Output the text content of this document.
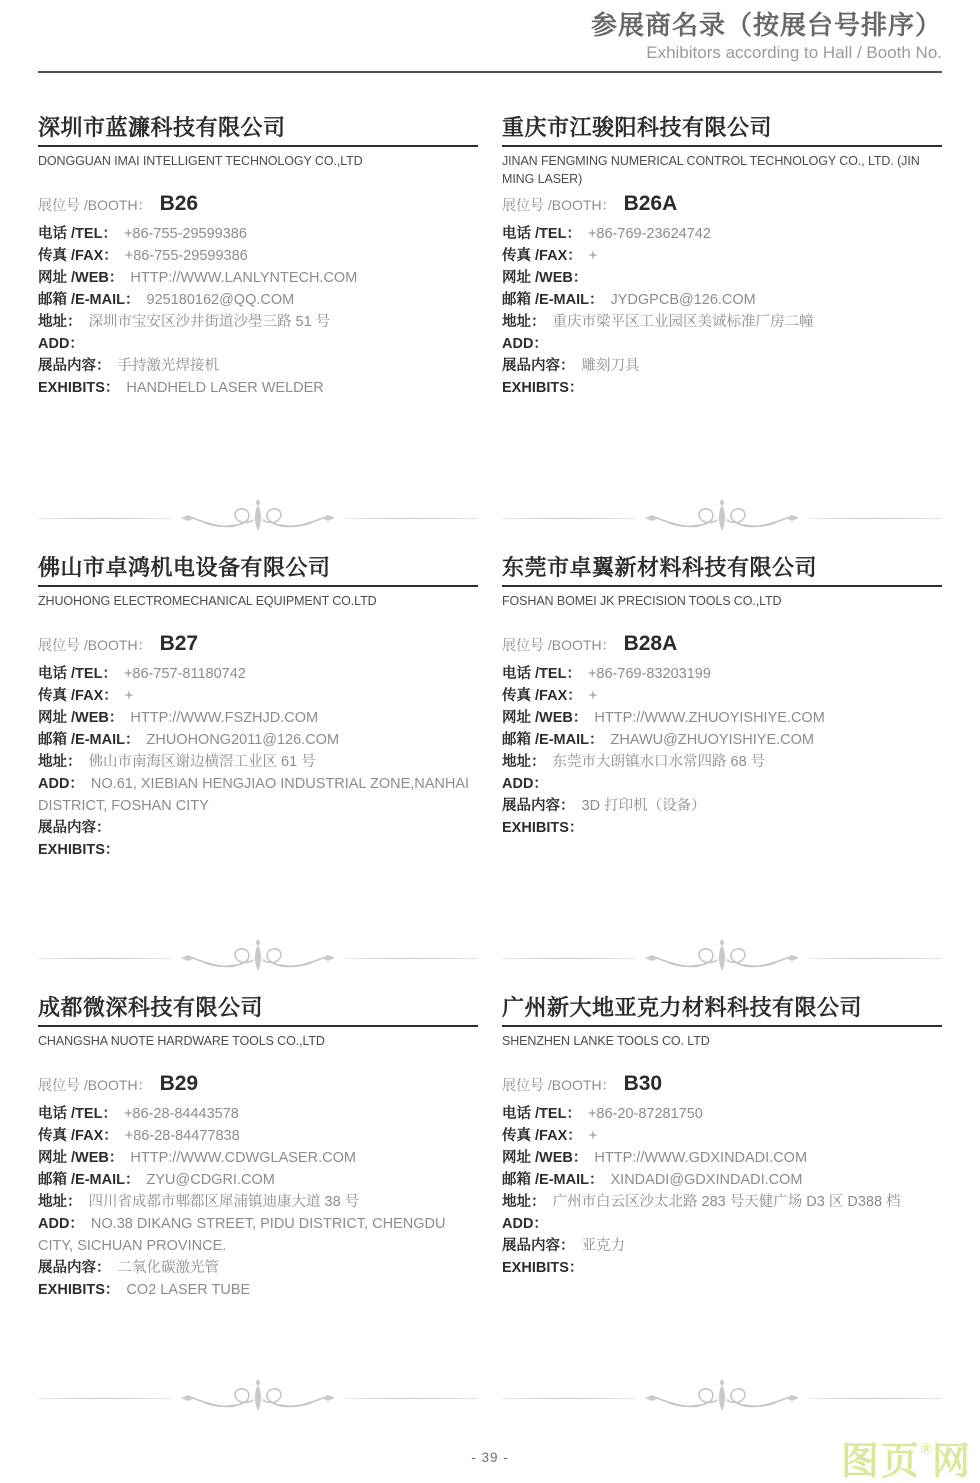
参展商名录（按展台号排序）
Exhibitors according to Hall / Booth No.
深圳市蓝濂科技有限公司
DONGGUAN IMAI INTELLIGENT TECHNOLOGY CO.,LTD
展位号 /BOOTH： B26
电话 /TEL： +86-755-29599386
传真 /FAX： +86-755-29599386
网址 /WEB： HTTP://WWW.LANLYNTECH.COM
邮箱 /E-MAIL： 925180162@QQ.COM
地址： 深圳市宝安区沙井街道沙壆三路 51 号
ADD：
展品内容： 手持激光焊接机
EXHIBITS： HANDHELD LASER WELDER
重庆市江骏阳科技有限公司
JINAN FENGMING NUMERICAL CONTROL TECHNOLOGY CO., LTD. (JIN MING LASER)
展位号 /BOOTH： B26A
电话 /TEL： +86-769-23624742
传真 /FAX： +
网址 /WEB：
邮箱 /E-MAIL： JYDGPCB@126.COM
地址： 重庆市梁平区工业园区美诚标准厂房二幢
ADD：
展品内容： 雕刻刀具
EXHIBITS：
佛山市卓鸿机电设备有限公司
ZHUOHONG ELECTROMECHANICAL EQUIPMENT CO.LTD
展位号 /BOOTH： B27
电话 /TEL： +86-757-81180742
传真 /FAX： +
网址 /WEB： HTTP://WWW.FSZHJD.COM
邮箱 /E-MAIL： ZHUOHONG2011@126.COM
地址： 佛山市南海区谢边横滘工业区 61 号
ADD： NO.61, XIEBIAN HENGJIAO INDUSTRIAL ZONE,NANHAI DISTRICT, FOSHAN CITY
展品内容：
EXHIBITS：
东莞市卓翼新材料科技有限公司
FOSHAN BOMEI JK PRECISION TOOLS CO.,LTD
展位号 /BOOTH： B28A
电话 /TEL： +86-769-83203199
传真 /FAX： +
网址 /WEB： HTTP://WWW.ZHUOYISHIYE.COM
邮箱 /E-MAIL： ZHAWU@ZHUOYISHIYE.COM
地址： 东莞市大朗镇水口水常四路 68 号
ADD：
展品内容： 3D 打印机（设备）
EXHIBITS：
成都微深科技有限公司
CHANGSHA NUOTE HARDWARE TOOLS CO.,LTD
展位号 /BOOTH： B29
电话 /TEL： +86-28-84443578
传真 /FAX： +86-28-84477838
网址 /WEB： HTTP://WWW.CDWGLASER.COM
邮箱 /E-MAIL： ZYU@CDGRI.COM
地址： 四川省成都市郫都区犀浦镇迪康大道 38 号
ADD： NO.38 DIKANG STREET, PIDU DISTRICT, CHENGDU CITY, SICHUAN PROVINCE.
展品内容： 二氧化碳激光管
EXHIBITS： CO2 LASER TUBE
广州新大地亚克力材料科技有限公司
SHENZHEN LANKE TOOLS CO. LTD
展位号 /BOOTH： B30
电话 /TEL： +86-20-87281750
传真 /FAX： +
网址 /WEB： HTTP://WWW.GDXINDADI.COM
邮箱 /E-MAIL： XINDADI@GDXINDADI.COM
地址： 广州市白云区沙太北路 283 号天健广场 D3 区 D388 档
ADD：
展品内容： 亚克力
EXHIBITS：
- 39 -	图页®网
